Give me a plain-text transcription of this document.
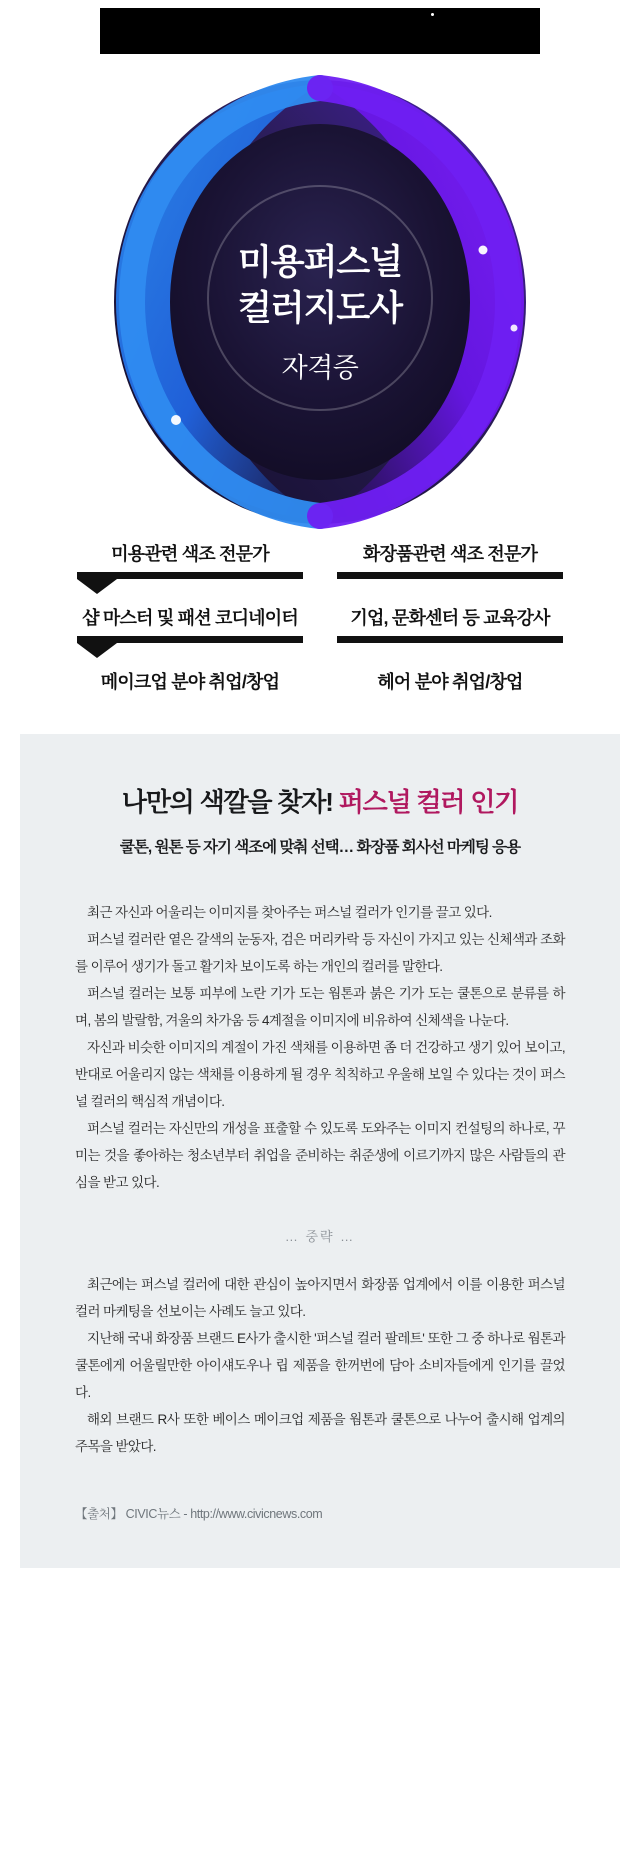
미용퍼스널
컬러지도사
자격증
미용관련 색조 전문가
샵 마스터 및 패션 코디네이터
메이크업 분야 취업/창업
화장품관련 색조 전문가
기업, 문화센터 등 교육강사
헤어 분야 취업/창업
나만의 색깔을 찾자! 퍼스널 컬러 인기
쿨톤, 원톤 등 자기 색조에 맞춰 선택… 화장품 회사선 마케팅 응용

최근 자신과 어울리는 이미지를 찾아주는 퍼스널 컬러가 인기를 끌고 있다.

퍼스널 컬러란 옅은 갈색의 눈동자, 검은 머리카락 등 자신이 가지고 있는 신체색과 조화를 이루어 생기가 돌고 활기차 보이도록 하는 개인의 컬러를 말한다.

퍼스널 컬러는 보통 피부에 노란 기가 도는 웜톤과 붉은 기가 도는 쿨톤으로 분류를 하며, 봄의 발랄함, 겨울의 차가움 등 4계절을 이미지에 비유하여 신체색을 나눈다.

자신과 비슷한 이미지의 계절이 가진 색채를 이용하면 좀 더 건강하고 생기 있어 보이고, 반대로 어울리지 않는 색채를 이용하게 될 경우 칙칙하고 우울해 보일 수 있다는 것이 퍼스널 컬러의 핵심적 개념이다.

퍼스널 컬러는 자신만의 개성을 표출할 수 있도록 도와주는 이미지 컨설팅의 하나로, 꾸미는 것을 좋아하는 청소년부터 취업을 준비하는 취준생에 이르기까지 많은 사람들의 관심을 받고 있다.

… 중략 …

최근에는 퍼스널 컬러에 대한 관심이 높아지면서 화장품 업계에서 이를 이용한 퍼스널 컬러 마케팅을 선보이는 사례도 늘고 있다.

지난해 국내 화장품 브랜드 E사가 출시한 '퍼스널 컬러 팔레트' 또한 그 중 하나로 웜톤과 쿨톤에게 어울릴만한 아이섀도우나 립 제품을 한꺼번에 담아 소비자들에게 인기를 끌었다.

해외 브랜드 R사 또한 베이스 메이크업 제품을 웜톤과 쿨톤으로 나누어 출시해 업계의 주목을 받았다.

【출처】 CIVIC뉴스 - http://www.civicnews.com
